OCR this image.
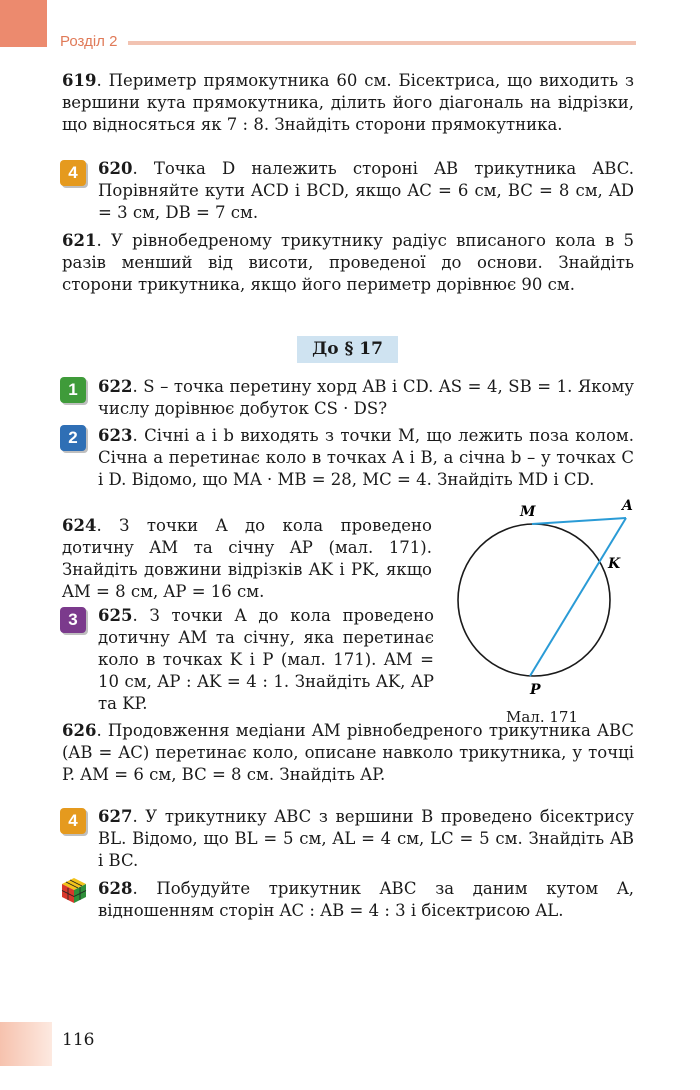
Розділ 2

619. Периметр прямокутника 60 см. Бісектриса, що виходить з вершини кута прямокутника, ділить його діагональ на відрізки, що відносяться як 7 : 8. Знайдіть сторони прямокутника.

4	620. Точка D належить стороні AB трикутника ABC. Порівняйте кути ACD і BCD, якщо AC = 6 см, BC = 8 см, AD = 3 см, DB = 7 см.

621. У рівнобедреному трикутнику радіус вписаного кола в 5 разів менший від висоти, проведеної до основи. Знайдіть сторони трикутника, якщо його периметр дорівнює 90 см.

До § 17
1	622. S – точка перетину хорд AB і CD. AS = 4, SB = 1. Якому числу дорівнює добуток CS · DS?

2	623. Січні a і b виходять з точки M, що лежить поза колом. Січна a перетинає коло в точках A і B, а січна b – у точках C і D. Відомо, що MA · MB = 28, MC = 4. Знайдіть MD і CD.

624. З точки A до кола проведено дотичну AM та січну AP (мал. 171). Знайдіть довжини відрізків AK і PK, якщо AM = 8 см, AP = 16 см.

3	625. З точки A до кола проведено дотичну AM та січну, яка перетинає коло в точках K і P (мал. 171). AM = 10 см, AP : AK = 4 : 1. Знайдіть AK, AP та KP.

M	A
K
P
Мал. 171

626. Продовження медіани AM рівнобедреного трикутника ABC (AB = AC) перетинає коло, описане навколо трикутника, у точці P. AM = 6 см, BC = 8 см. Знайдіть AP.

4	627. У трикутнику ABC з вершини B проведено бісектрису BL. Відомо, що BL = 5 см, AL = 4 см, LC = 5 см. Знайдіть AB і BC.

628. Побудуйте трикутник ABC за даним кутом A, відношенням сторін AC : AB = 4 : 3 і бісектрисою AL.

116
